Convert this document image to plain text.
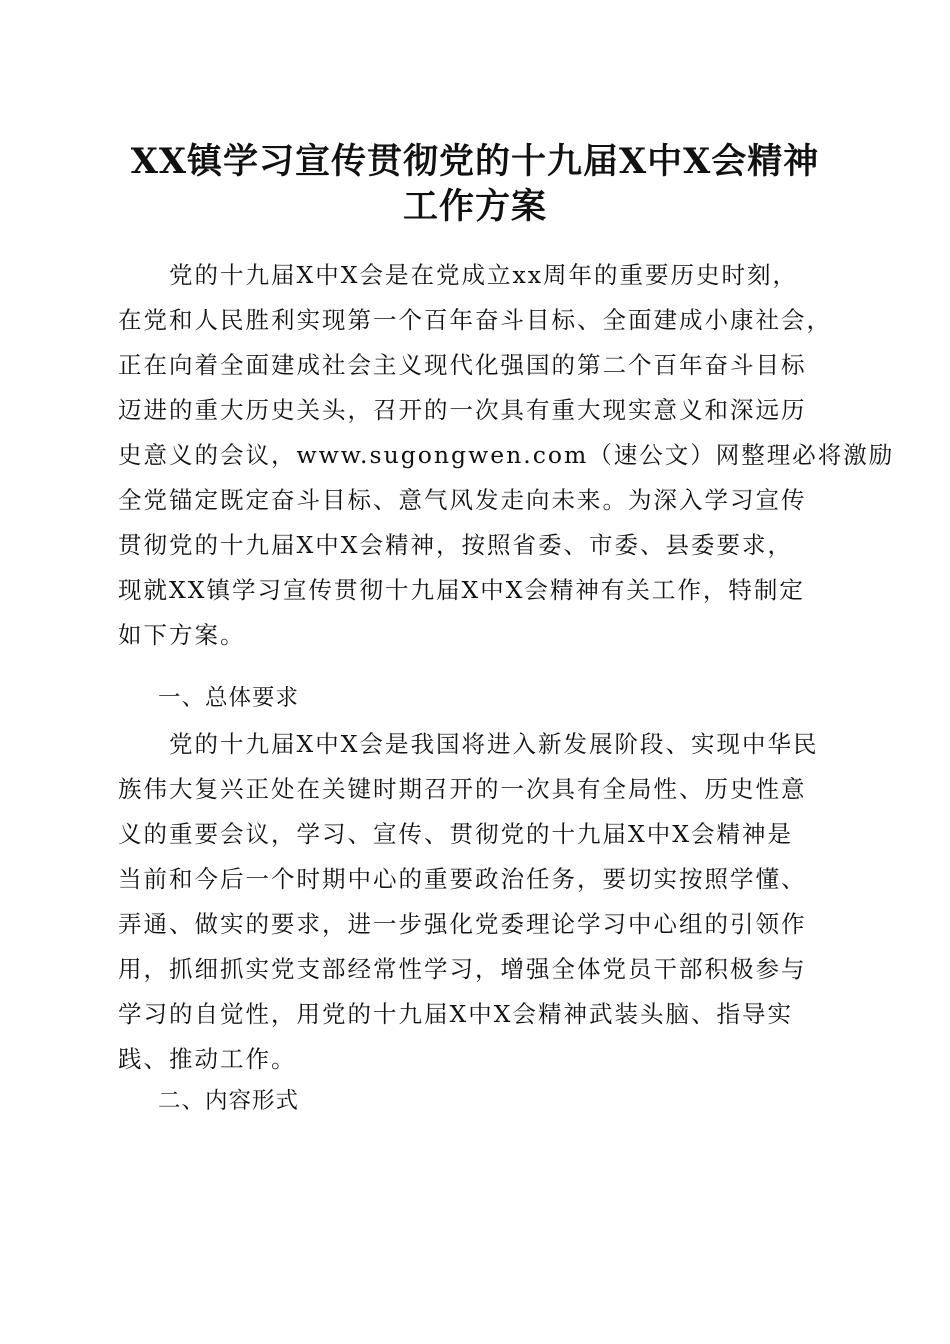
XX镇学习宣传贯彻党的十九届X中X会精神
工作方案
　　党的十九届X中X会是在党成立xx周年的重要历史时刻，
在党和人民胜利实现第一个百年奋斗目标、全面建成小康社会，
正在向着全面建成社会主义现代化强国的第二个百年奋斗目标
迈进的重大历史关头，召开的一次具有重大现实意义和深远历
史意义的会议，www.sugongwen.com（速公文）网整理必将激励
全党锚定既定奋斗目标、意气风发走向未来。为深入学习宣传
贯彻党的十九届X中X会精神，按照省委、市委、县委要求，
现就XX镇学习宣传贯彻十九届X中X会精神有关工作，特制定
如下方案。
一、总体要求
　　党的十九届X中X会是我国将进入新发展阶段、实现中华民
族伟大复兴正处在关键时期召开的一次具有全局性、历史性意
义的重要会议，学习、宣传、贯彻党的十九届X中X会精神是
当前和今后一个时期中心的重要政治任务，要切实按照学懂、
弄通、做实的要求，进一步强化党委理论学习中心组的引领作
用，抓细抓实党支部经常性学习，增强全体党员干部积极参与
学习的自觉性，用党的十九届X中X会精神武装头脑、指导实
践、推动工作。
二、内容形式
